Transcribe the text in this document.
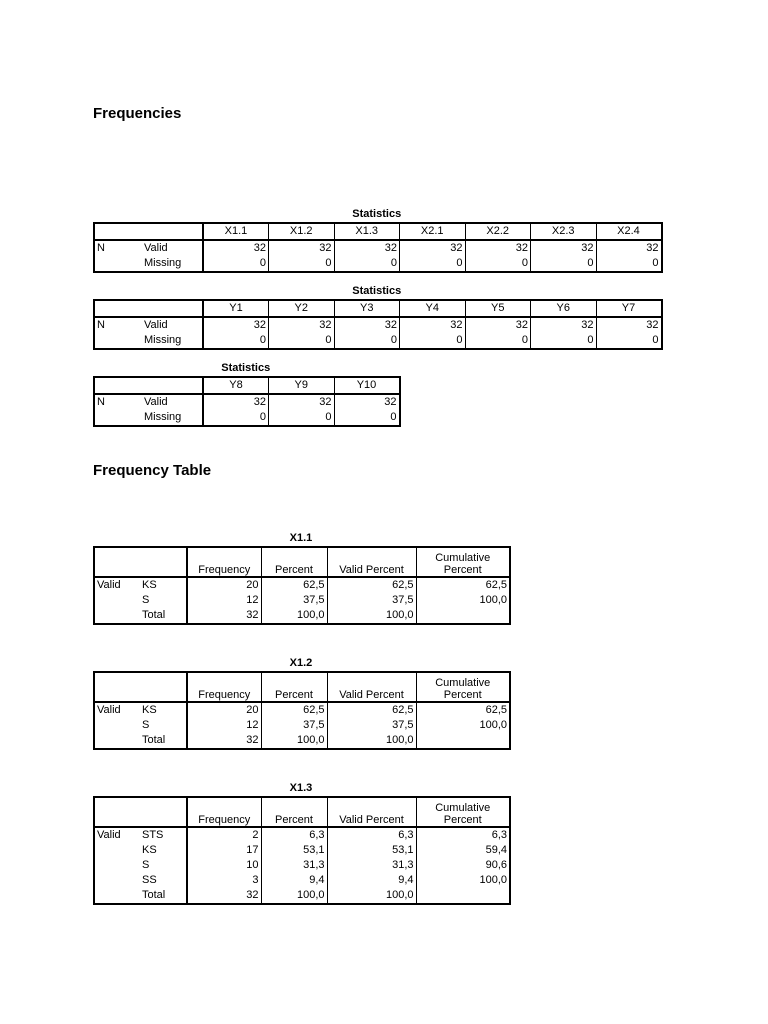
Frequencies
Frequency Table
Statistics
		X1.1	X1.2	X1.3	X2.1	X2.2	X2.3	X2.4
N	Valid	32	32	32	32	32	32	32
	Missing	0	0	0	0	0	0	0
Statistics
		Y1	Y2	Y3	Y4	Y5	Y6	Y7
N	Valid	32	32	32	32	32	32	32
	Missing	0	0	0	0	0	0	0
Statistics
		Y8	Y9	Y10
N	Valid	32	32	32
	Missing	0	0	0
X1.1
		Frequency	Percent	Valid Percent	Cumulative
Percent

Valid	KS	20	62,5	62,5	62,5
	S	12	37,5	37,5	100,0
	Total	32	100,0	100,0	
X1.2
		Frequency	Percent	Valid Percent	Cumulative
Percent

Valid	KS	20	62,5	62,5	62,5
	S	12	37,5	37,5	100,0
	Total	32	100,0	100,0	
X1.3
		Frequency	Percent	Valid Percent	Cumulative
Percent

Valid	STS	2	6,3	6,3	6,3
	KS	17	53,1	53,1	59,4
	S	10	31,3	31,3	90,6
	SS	3	9,4	9,4	100,0
	Total	32	100,0	100,0	
